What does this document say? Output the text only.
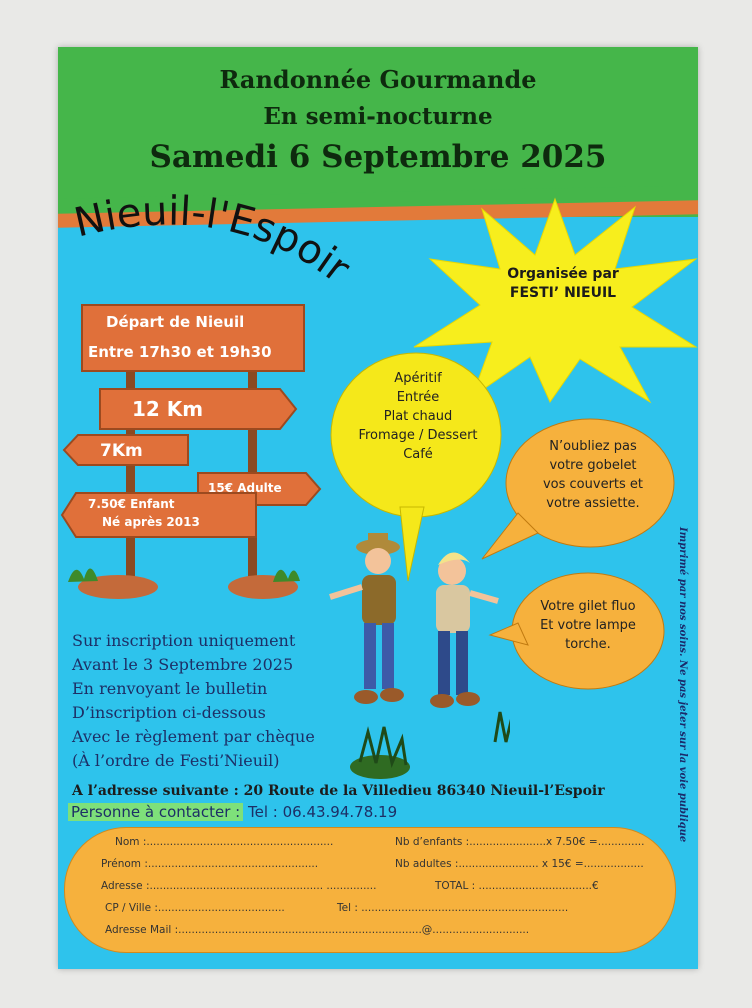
Randonnée Gourmande
En semi-nocturne
Samedi 6 Septembre 2025
Nieuil-l'Espoir	Organisée par
FESTI’ NIEUIL
Départ de Nieuil
Entre 17h30 et 19h30
12 Km
7Km
15€ Adulte
7.50€ Enfant
Né après 2013
Apéritif
Entrée
Plat chaud
Fromage / Dessert
Café
N’oubliez pas
votre gobelet
vos couverts et
votre assiette.
Votre gilet fluo
Et votre lampe
torche.
Sur inscription uniquement
Avant le 3 Septembre 2025
En renvoyant le bulletin
D’inscription ci-dessous
Avec le règlement par chèque
(À l’ordre de Festi’Nieuil)
A l’adresse suivante : 20 Route de la Villedieu 86340 Nieuil-l’Espoir
Personne à contacter : Tel : 06.43.94.78.19
Nom :........................................................
Prénom :...................................................
Adresse :.................................................... ...............
CP / Ville :......................................	Tel : ..............................................................
Adresse Mail :.........................................................................@.............................
Nb d’enfants :.......................x 7.50€ =..............
Nb adultes :........................ x 15€ =..................
TOTAL : ..................................€
Imprimé par nos soins. Ne pas jeter sur la voie publique
